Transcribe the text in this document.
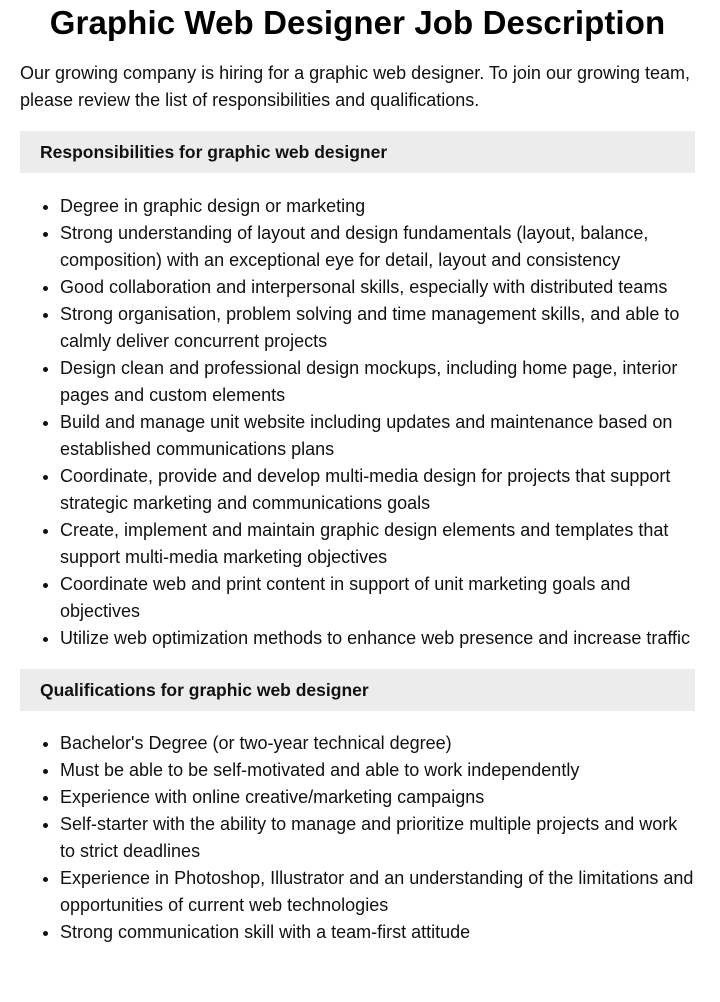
Graphic Web Designer Job Description

Our growing company is hiring for a graphic web designer. To join our growing team, please review the list of responsibilities and qualifications.

Responsibilities for graphic web designer
• Degree in graphic design or marketing
• Strong understanding of layout and design fundamentals (layout, balance, composition) with an exceptional eye for detail, layout and consistency
• Good collaboration and interpersonal skills, especially with distributed teams
• Strong organisation, problem solving and time management skills, and able to calmly deliver concurrent projects
• Design clean and professional design mockups, including home page, interior pages and custom elements
• Build and manage unit website including updates and maintenance based on established communications plans
• Coordinate, provide and develop multi-media design for projects that support strategic marketing and communications goals
• Create, implement and maintain graphic design elements and templates that support multi-media marketing objectives
• Coordinate web and print content in support of unit marketing goals and objectives
• Utilize web optimization methods to enhance web presence and increase traffic
Qualifications for graphic web designer
• Bachelor's Degree (or two-year technical degree)
• Must be able to be self-motivated and able to work independently
• Experience with online creative/marketing campaigns
• Self-starter with the ability to manage and prioritize multiple projects and work to strict deadlines
• Experience in Photoshop, Illustrator and an understanding of the limitations and opportunities of current web technologies
• Strong communication skill with a team-first attitude
